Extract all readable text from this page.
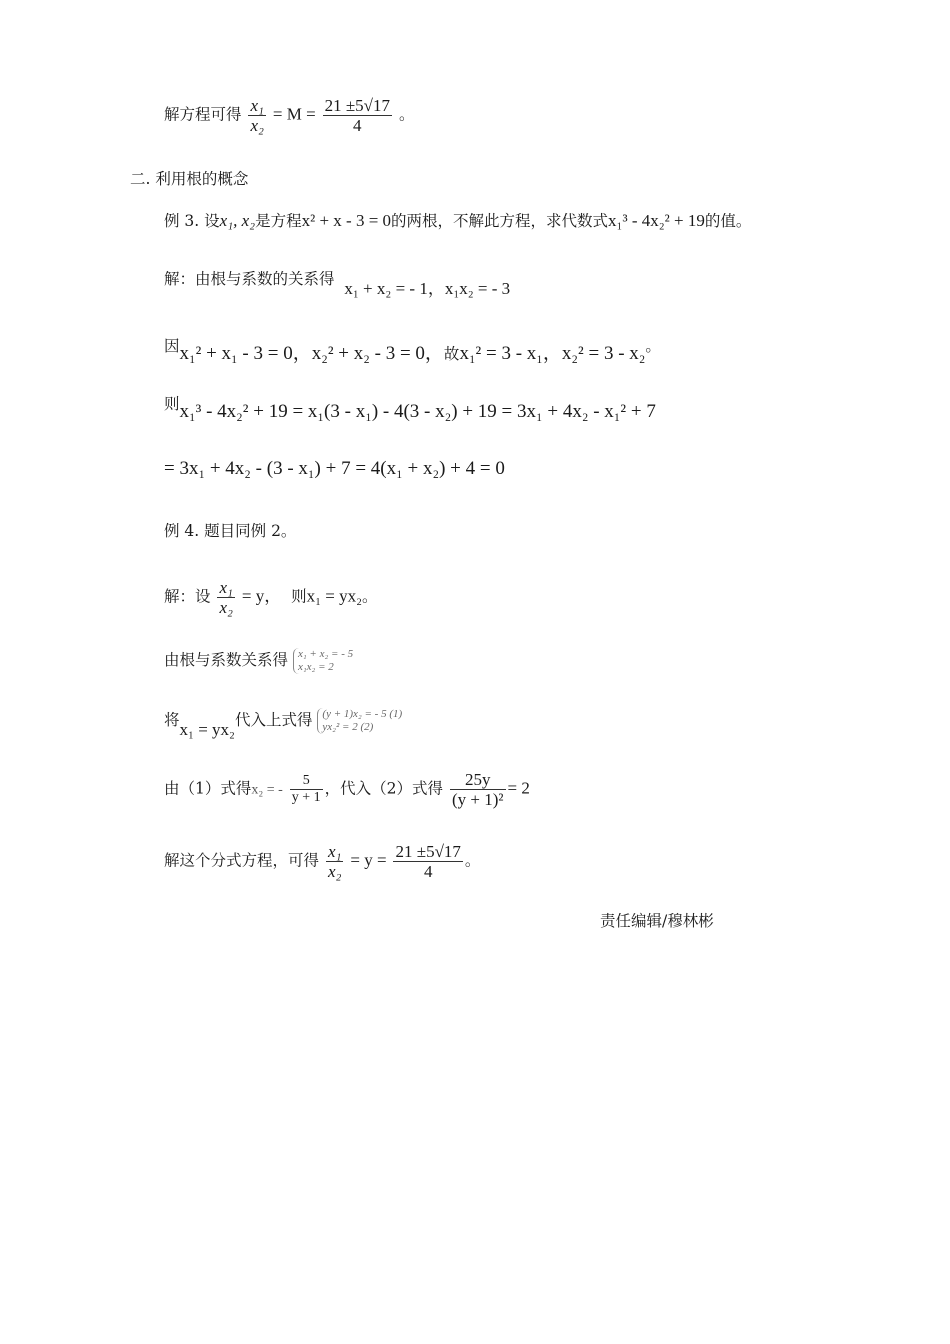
解方程可得 $\frac{\text{x₁}}{\text{x₂}} = M = \frac{21 \pm 5√17}{4}$ 。
二. 利用根的概念
例 3. 设x₁, x₂是方程x² + x - 3 = 0的两根，不解此方程，求代数式x₁³ - 4x₂² + 19的值。
解：由根与系数的关系得 x₁ + x₂ = - 1，x₁x₂ = - 3
因x₁² + x₁ - 3 = 0，x₂² + x₂ - 3 = 0，故x₁² = 3 - x₁，x₂² = 3 - x₂。
则x₁³ - 4x₂² + 19 = x₁(3 - x₁) - 4(3 - x₂) + 19 = 3x₁ + 4x₂ - x₁² + 7
= 3x₁ + 4x₂ - (3 - x₁) + 7 = 4(x₁ + x₂) + 4 = 0
例 4. 题目同例 2。
解：设 $\frac{\text{x₁}}{\text{x₂}} = y$， 则x₁ = yx₂。
由根与系数关系得 x₁ + x₂ = - 5
x₁x₂ = 2
将x₁ = yx₂代入上式得 (y + 1)x₂ = - 5 (1)
yx₂² = 2 (2)
由（1）式得x₂ = - $\frac{5}{y + 1}$ ，代入（2）式得 $\frac{25y}{\text{(y + 1)²}} = 2$
解这个分式方程，可得 $\frac{\text{x₁}}{\text{x₂}} = y = \frac{21 \pm 5√17}{4}$ 。
责任编辑/穆林彬
